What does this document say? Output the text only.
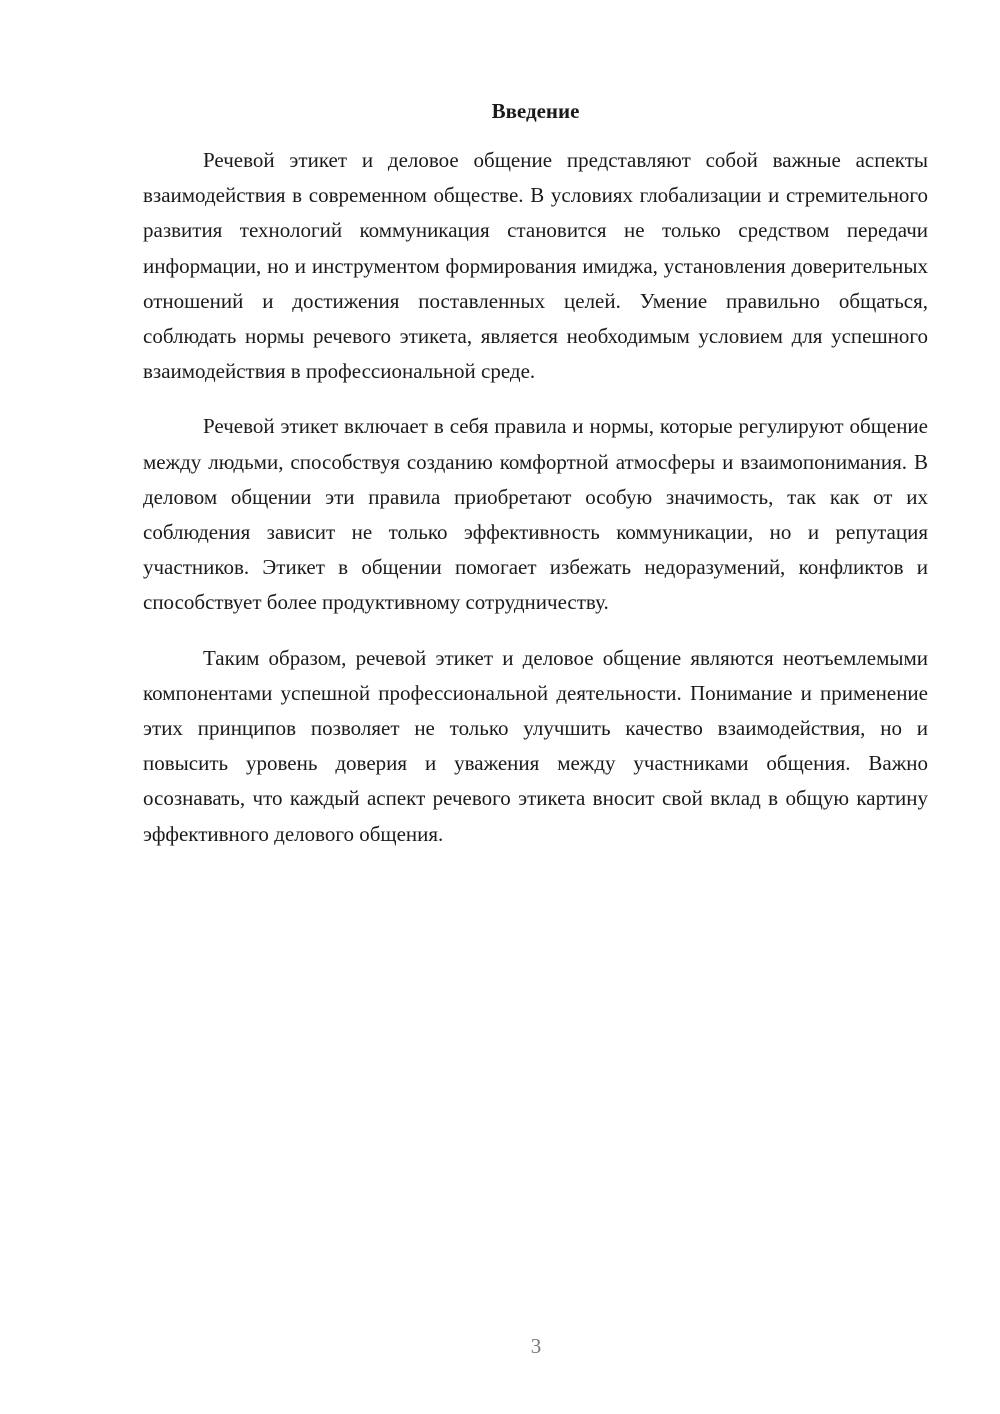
Введение

Речевой этикет и деловое общение представляют собой важные аспекты взаимодействия в современном обществе. В условиях глобализации и стремительного развития технологий коммуникация становится не только средством передачи информации, но и инструментом формирования имиджа, установления доверительных отношений и достижения поставленных целей. Умение правильно общаться, соблюдать нормы речевого этикета, является необходимым условием для успешного взаимодействия в профессиональной среде.

Речевой этикет включает в себя правила и нормы, которые регулируют общение между людьми, способствуя созданию комфортной атмосферы и взаимопонимания. В деловом общении эти правила приобретают особую значимость, так как от их соблюдения зависит не только эффективность коммуникации, но и репутация участников. Этикет в общении помогает избежать недоразумений, конфликтов и способствует более продуктивному сотрудничеству.

Таким образом, речевой этикет и деловое общение являются неотъемлемыми компонентами успешной профессиональной деятельности. Понимание и применение этих принципов позволяет не только улучшить качество взаимодействия, но и повысить уровень доверия и уважения между участниками общения. Важно осознавать, что каждый аспект речевого этикета вносит свой вклад в общую картину эффективного делового общения.

3
